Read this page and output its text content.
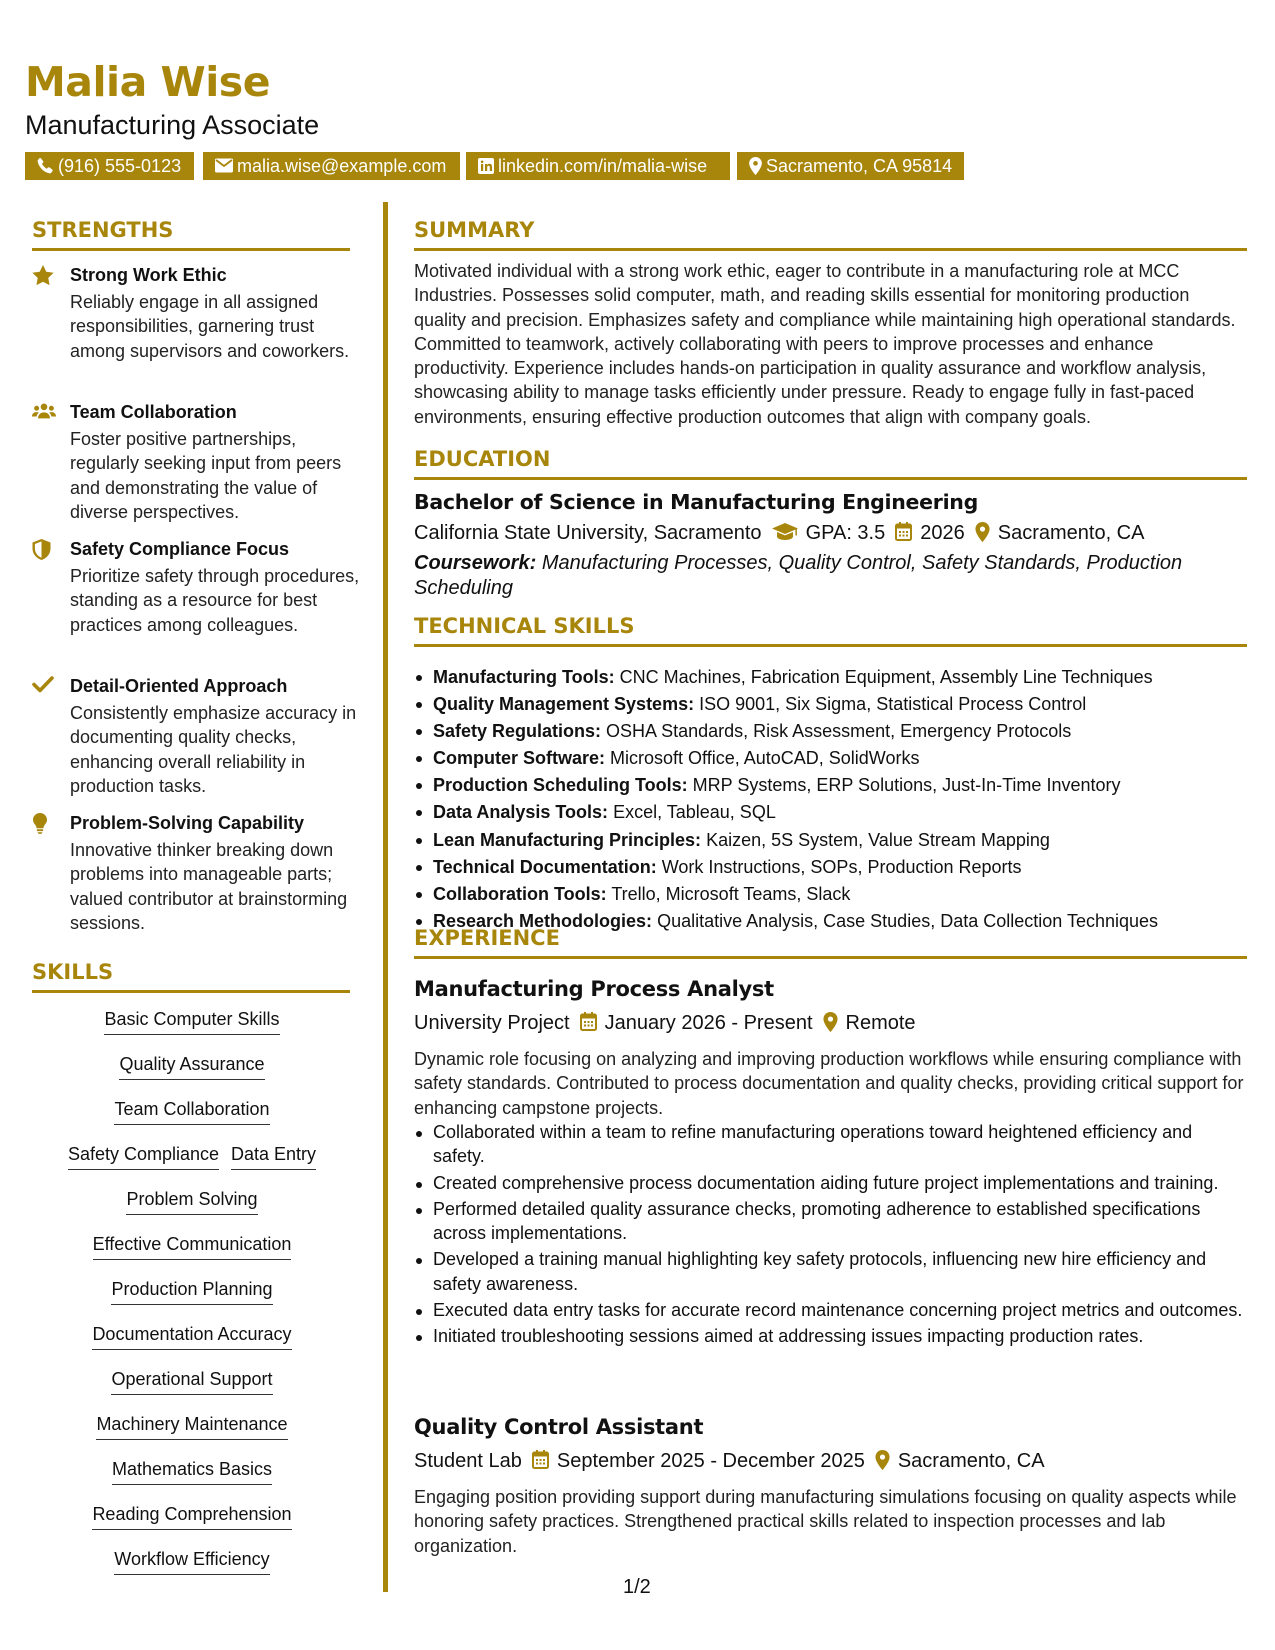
Malia Wise
Manufacturing Associate
(916) 555-0123	malia.wise@example.com	linkedin.com/in/malia-wise	Sacramento, CA 95814
STRENGTHS
Strong Work Ethic
Reliably engage in all assigned responsibilities, garnering trust among supervisors and coworkers.
Team Collaboration
Foster positive partnerships, regularly seeking input from peers and demonstrating the value of diverse perspectives.
Safety Compliance Focus
Prioritize safety through procedures, standing as a resource for best practices among colleagues.
Detail-Oriented Approach
Consistently emphasize accuracy in documenting quality checks, enhancing overall reliability in production tasks.
Problem-Solving Capability
Innovative thinker breaking down problems into manageable parts; valued contributor at brainstorming sessions.
SKILLS
Basic Computer Skills
Quality Assurance
Team Collaboration
Safety Compliance Data Entry
Problem Solving
Effective Communication
Production Planning
Documentation Accuracy
Operational Support
Machinery Maintenance
Mathematics Basics
Reading Comprehension
Workflow Efficiency
SUMMARY
Motivated individual with a strong work ethic, eager to contribute in a manufacturing role at MCC Industries. Possesses solid computer, math, and reading skills essential for monitoring production quality and precision. Emphasizes safety and compliance while maintaining high operational standards. Committed to teamwork, actively collaborating with peers to improve processes and enhance productivity. Experience includes hands-on participation in quality assurance and workflow analysis, showcasing ability to manage tasks efficiently under pressure. Ready to engage fully in fast-paced environments, ensuring effective production outcomes that align with company goals.
EDUCATION
Bachelor of Science in Manufacturing Engineering
California State University, Sacramento GPA: 3.5 2026 Sacramento, CA
Coursework: Manufacturing Processes, Quality Control, Safety Standards, Production Scheduling
TECHNICAL SKILLS
Manufacturing Tools: CNC Machines, Fabrication Equipment, Assembly Line Techniques
Quality Management Systems: ISO 9001, Six Sigma, Statistical Process Control
Safety Regulations: OSHA Standards, Risk Assessment, Emergency Protocols
Computer Software: Microsoft Office, AutoCAD, SolidWorks
Production Scheduling Tools: MRP Systems, ERP Solutions, Just-In-Time Inventory
Data Analysis Tools: Excel, Tableau, SQL
Lean Manufacturing Principles: Kaizen, 5S System, Value Stream Mapping
Technical Documentation: Work Instructions, SOPs, Production Reports
Collaboration Tools: Trello, Microsoft Teams, Slack
Research Methodologies: Qualitative Analysis, Case Studies, Data Collection Techniques
EXPERIENCE
Manufacturing Process Analyst
University Project January 2026 - Present Remote
Dynamic role focusing on analyzing and improving production workflows while ensuring compliance with safety standards. Contributed to process documentation and quality checks, providing critical support for enhancing campstone projects.
Collaborated within a team to refine manufacturing operations toward heightened efficiency and safety.
Created comprehensive process documentation aiding future project implementations and training.
Performed detailed quality assurance checks, promoting adherence to established specifications across implementations.
Developed a training manual highlighting key safety protocols, influencing new hire efficiency and safety awareness.
Executed data entry tasks for accurate record maintenance concerning project metrics and outcomes.
Initiated troubleshooting sessions aimed at addressing issues impacting production rates.
Quality Control Assistant
Student Lab September 2025 - December 2025 Sacramento, CA
Engaging position providing support during manufacturing simulations focusing on quality aspects while honoring safety practices. Strengthened practical skills related to inspection processes and lab organization.
1/2
